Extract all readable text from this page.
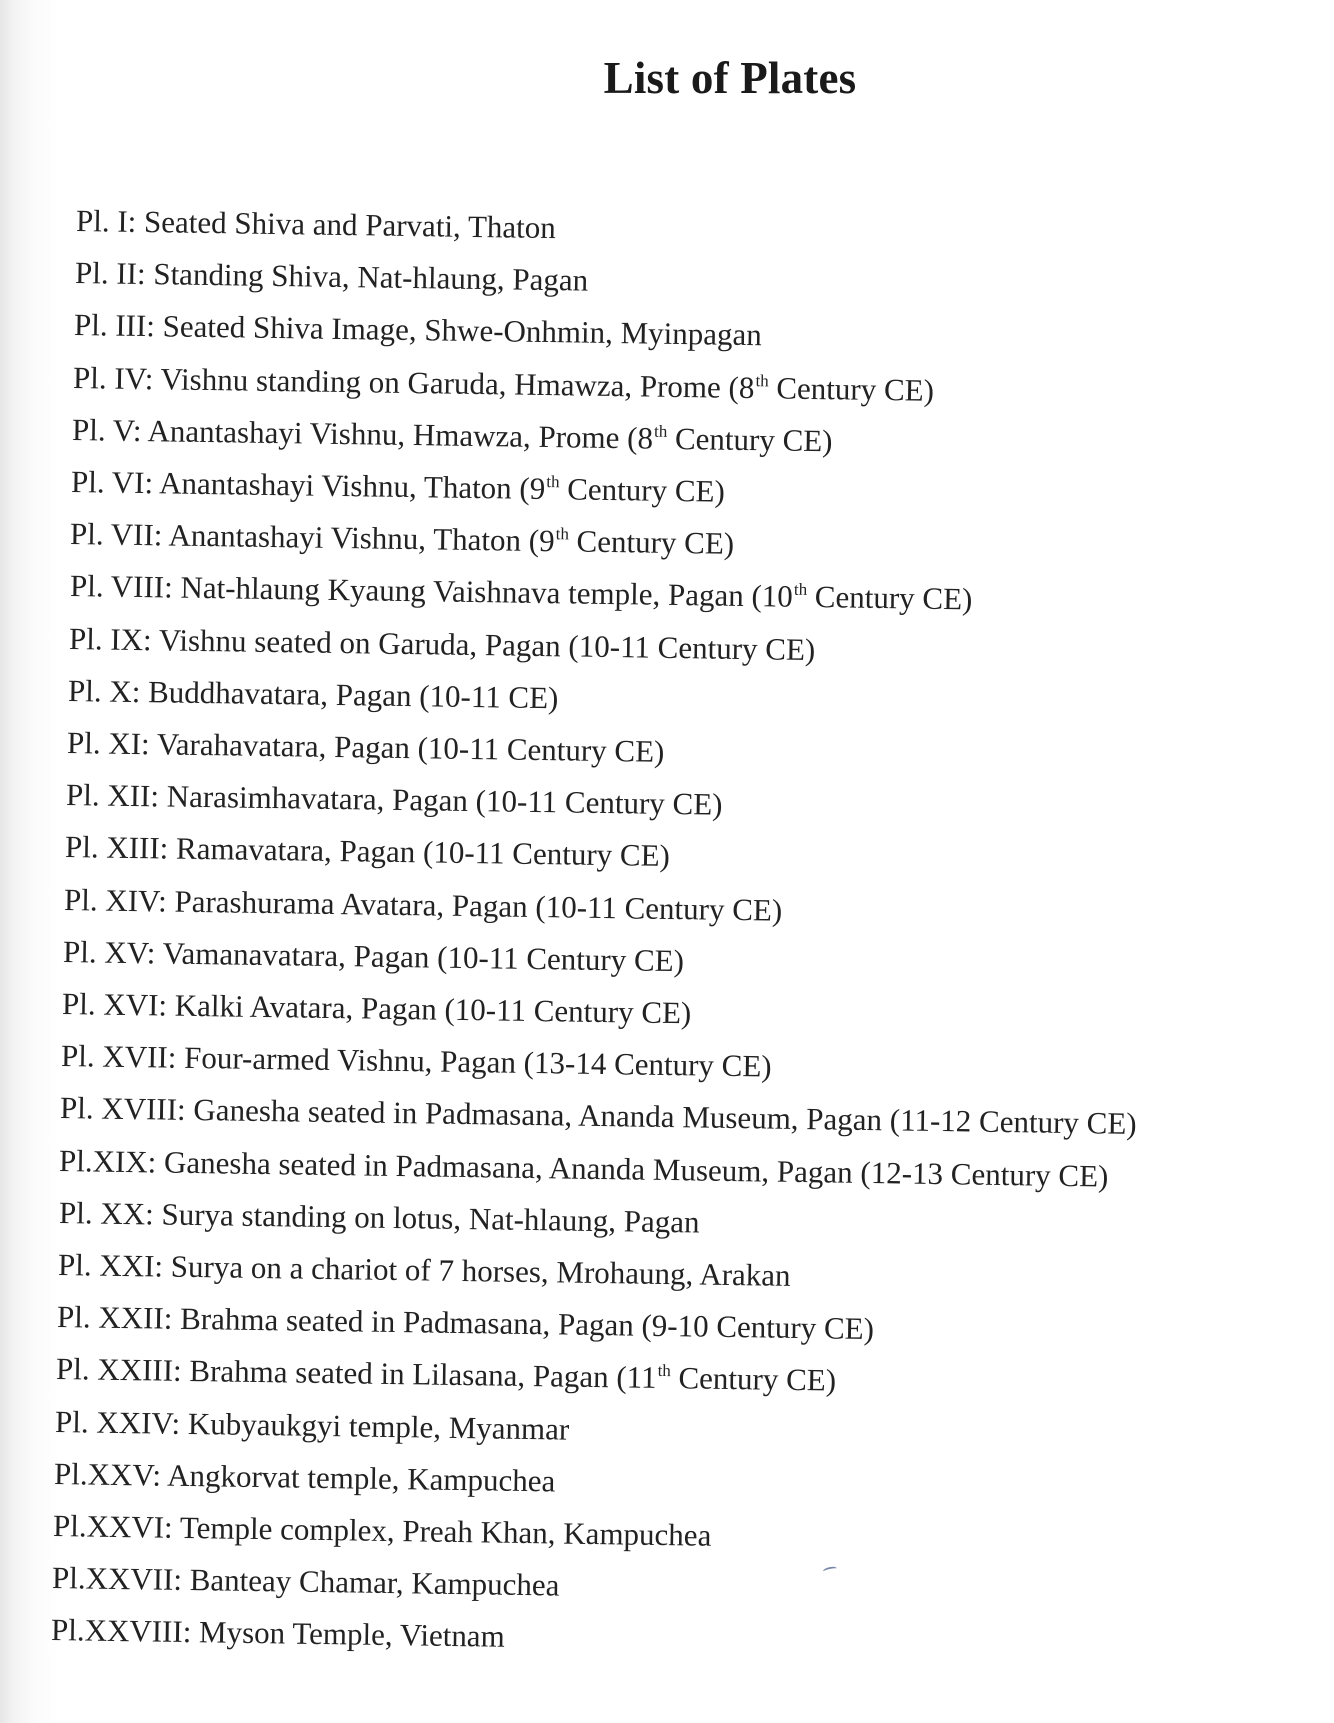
List of Plates
Pl. I: Seated Shiva and Parvati, Thaton
Pl. II: Standing Shiva, Nat-hlaung, Pagan
Pl. III: Seated Shiva Image, Shwe-Onhmin, Myinpagan
Pl. IV: Vishnu standing on Garuda, Hmawza, Prome (8th Century CE)
Pl. V: Anantashayi Vishnu, Hmawza, Prome (8th Century CE)
Pl. VI: Anantashayi Vishnu, Thaton (9th Century CE)
Pl. VII: Anantashayi Vishnu, Thaton (9th Century CE)
Pl. VIII: Nat-hlaung Kyaung Vaishnava temple, Pagan (10th Century CE)
Pl. IX: Vishnu seated on Garuda, Pagan (10-11 Century CE)
Pl. X: Buddhavatara, Pagan (10-11 CE)
Pl. XI: Varahavatara, Pagan (10-11 Century CE)
Pl. XII: Narasimhavatara, Pagan (10-11 Century CE)
Pl. XIII: Ramavatara, Pagan (10-11 Century CE)
Pl. XIV: Parashurama Avatara, Pagan (10-11 Century CE)
Pl. XV: Vamanavatara, Pagan (10-11 Century CE)
Pl. XVI: Kalki Avatara, Pagan (10-11 Century CE)
Pl. XVII: Four-armed Vishnu, Pagan (13-14 Century CE)
Pl. XVIII: Ganesha seated in Padmasana, Ananda Museum, Pagan (11-12 Century CE)
Pl.XIX: Ganesha seated in Padmasana, Ananda Museum, Pagan (12-13 Century CE)
Pl. XX: Surya standing on lotus, Nat-hlaung, Pagan
Pl. XXI: Surya on a chariot of 7 horses, Mrohaung, Arakan
Pl. XXII: Brahma seated in Padmasana, Pagan (9-10 Century CE)
Pl. XXIII: Brahma seated in Lilasana, Pagan (11th Century CE)
Pl. XXIV: Kubyaukgyi temple, Myanmar
Pl.XXV: Angkorvat temple, Kampuchea
Pl.XXVI: Temple complex, Preah Khan, Kampuchea
Pl.XXVII: Banteay Chamar, Kampuchea
Pl.XXVIII: Myson Temple, Vietnam
